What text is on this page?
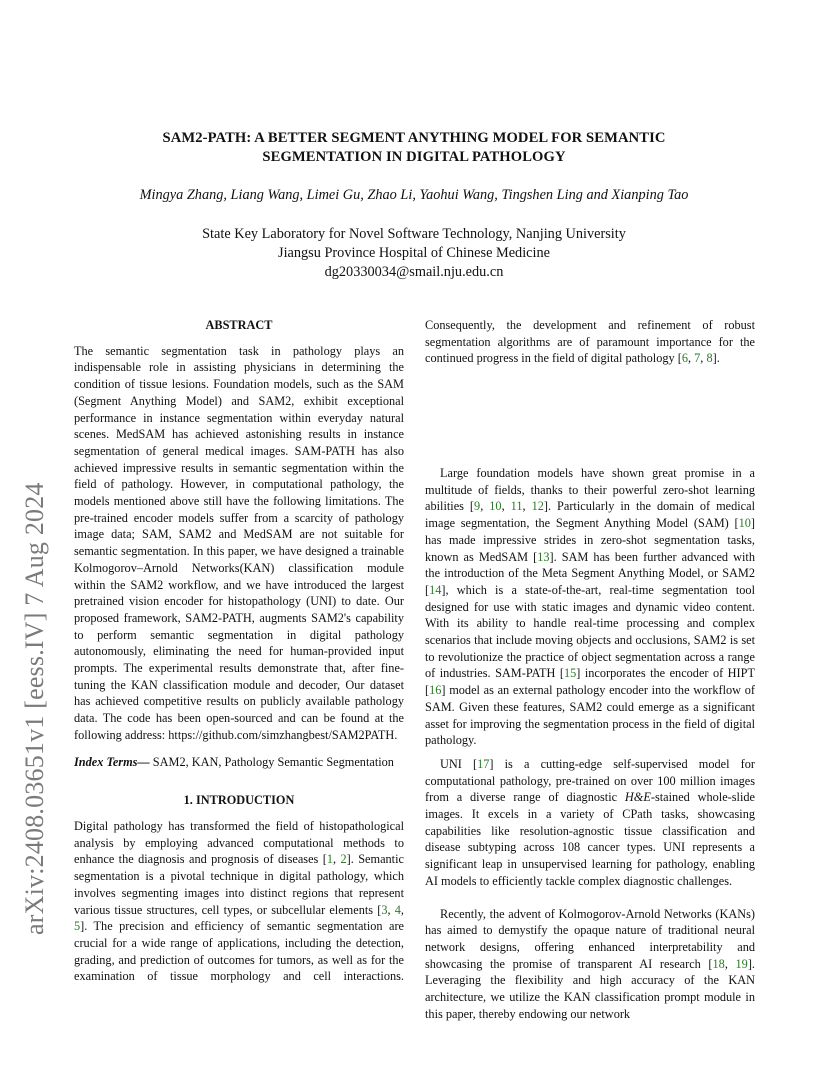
arXiv:2408.03651v1 [eess.IV] 7 Aug 2024
SAM2-PATH: A BETTER SEGMENT ANYTHING MODEL FOR SEMANTIC
SEGMENTATION IN DIGITAL PATHOLOGY
Mingya Zhang, Liang Wang, Limei Gu, Zhao Li, Yaohui Wang, Tingshen Ling and Xianping Tao
State Key Laboratory for Novel Software Technology, Nanjing University
Jiangsu Province Hospital of Chinese Medicine
dg20330034@smail.nju.edu.cn
ABSTRACT

The semantic segmentation task in pathology plays an indispensable role in assisting physicians in determining the condition of tissue lesions. Foundation models, such as the SAM (Segment Anything Model) and SAM2, exhibit exceptional performance in instance segmentation within everyday natural scenes. MedSAM has achieved astonishing results in instance segmentation of general medical images. SAM-PATH has also achieved impressive results in semantic segmentation within the field of pathology. However, in computational pathology, the models mentioned above still have the following limitations. The pre-trained encoder models suffer from a scarcity of pathology image data; SAM, SAM2 and MedSAM are not suitable for semantic segmentation. In this paper, we have designed a trainable Kolmogorov–Arnold Networks(KAN) classification module within the SAM2 workflow, and we have introduced the largest pretrained vision encoder for histopathology (UNI) to date. Our proposed framework, SAM2-PATH, augments SAM2's capability to perform semantic segmentation in digital pathology autonomously, eliminating the need for human-provided input prompts. The experimental results demonstrate that, after fine-tuning the KAN classification module and decoder, Our dataset has achieved competitive results on publicly available pathology data. The code has been open-sourced and can be found at the following address: https://github.com/simzhangbest/SAM2PATH.

Index Terms— SAM2, KAN, Pathology Semantic Segmentation

1. INTRODUCTION

Digital pathology has transformed the field of histopathological analysis by employing advanced computational methods to enhance the diagnosis and prognosis of diseases [1, 2]. Semantic segmentation is a pivotal technique in digital pathology, which involves segmenting images into distinct regions that represent various tissue structures, cell types, or subcellular elements [3, 4, 5]. The precision and efficiency of semantic segmentation are crucial for a wide range of applications, including the detection, grading, and prediction of outcomes for tumors, as well as for the examination of tissue morphology and cell interactions.

Large foundation models have shown great promise in a multitude of fields, thanks to their powerful zero-shot learning abilities [9, 10, 11, 12]. Particularly in the domain of medical image segmentation, the Segment Anything Model (SAM) [10] has made impressive strides in zero-shot segmentation tasks, known as MedSAM [13]. SAM has been further advanced with the introduction of the Meta Segment Anything Model, or SAM2 [14], which is a state-of-the-art, real-time segmentation tool designed for use with static images and dynamic video content. With its ability to handle real-time processing and complex scenarios that include moving objects and occlusions, SAM2 is set to revolutionize the practice of object segmentation across a range of industries. SAM-PATH [15] incorporates the encoder of HIPT [16] model as an external pathology encoder into the workflow of SAM. Given these features, SAM2 could emerge as a significant asset for improving the segmentation process in the field of digital pathology.

UNI [17] is a cutting-edge self-supervised model for computational pathology, pre-trained on over 100 million images from a diverse range of diagnostic H&E-stained whole-slide images. It excels in a variety of CPath tasks, showcasing capabilities like resolution-agnostic tissue classification and disease subtyping across 108 cancer types. UNI represents a significant leap in unsupervised learning for pathology, enabling AI models to efficiently tackle complex diagnostic challenges.

Recently, the advent of Kolmogorov-Arnold Networks (KANs) has aimed to demystify the opaque nature of traditional neural network designs, offering enhanced interpretability and showcasing the promise of transparent AI research [18, 19]. Leveraging the flexibility and high accuracy of the KAN architecture, we utilize the KAN classification prompt module in this paper, thereby endowing our network

Consequently, the development and refinement of robust segmentation algorithms are of paramount importance for the continued progress in the field of digital pathology [6, 7, 8].
